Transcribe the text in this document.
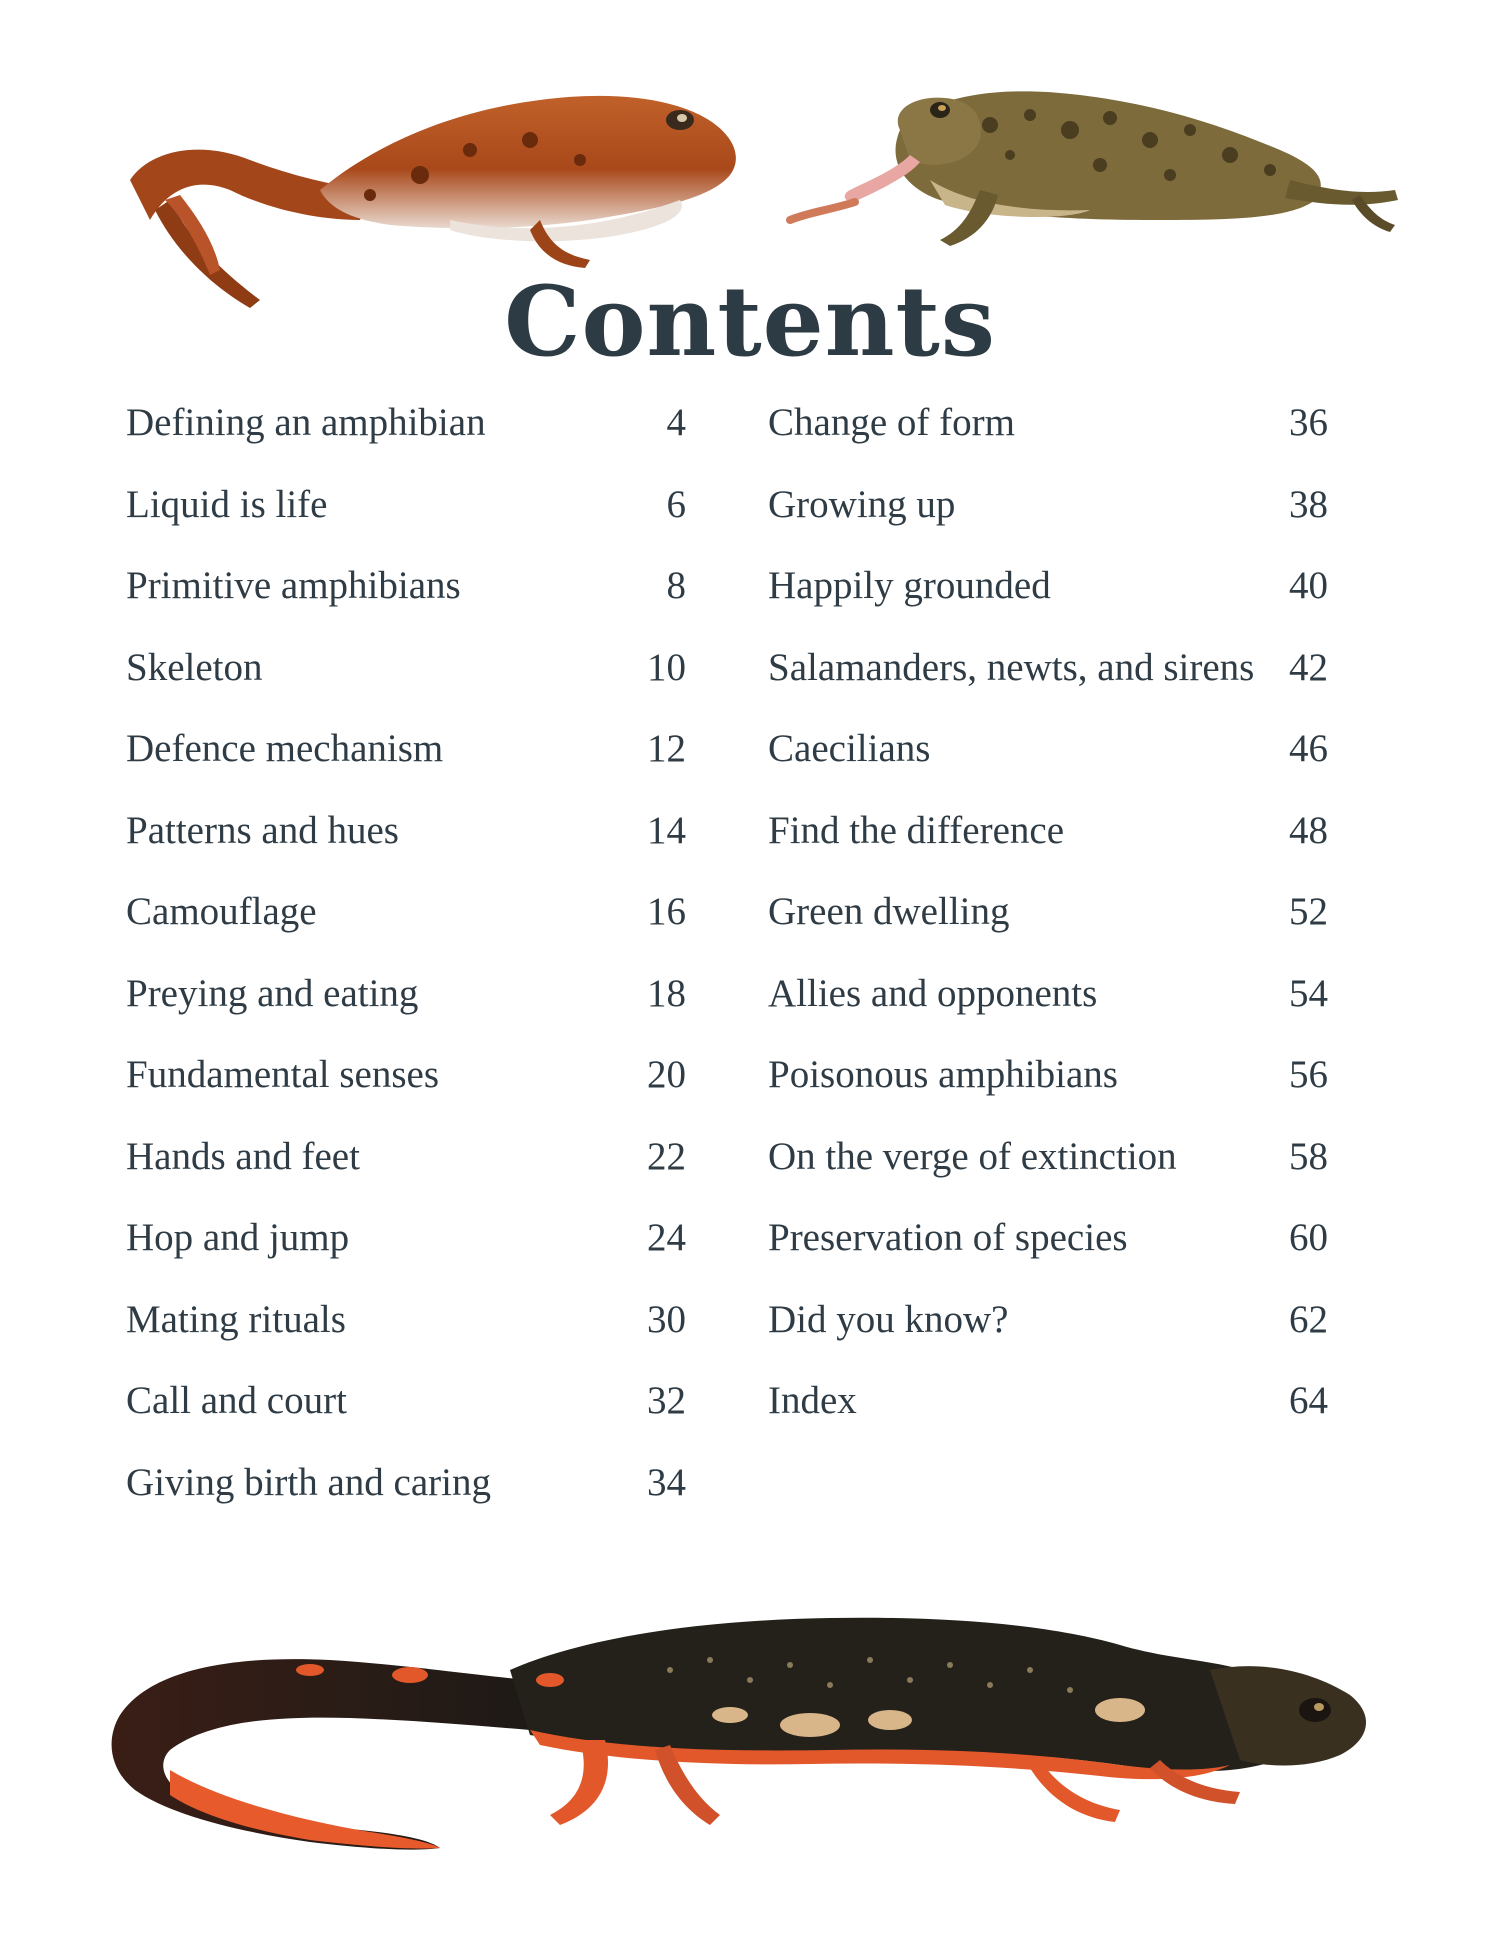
Contents
Defining an amphibian	4
Liquid is life	6
Primitive amphibians	8
Skeleton	10
Defence mechanism	12
Patterns and hues	14
Camouflage	16
Preying and eating	18
Fundamental senses	20
Hands and feet	22
Hop and jump	24
Mating rituals	30
Call and court	32
Giving birth and caring	34
Change of form	36
Growing up	38
Happily grounded	40
Salamanders, newts, and sirens 42
Caecilians	46
Find the difference	48
Green dwelling	52
Allies and opponents	54
Poisonous amphibians	56
On the verge of extinction	58
Preservation of species	60
Did you know?	62
Index	64
